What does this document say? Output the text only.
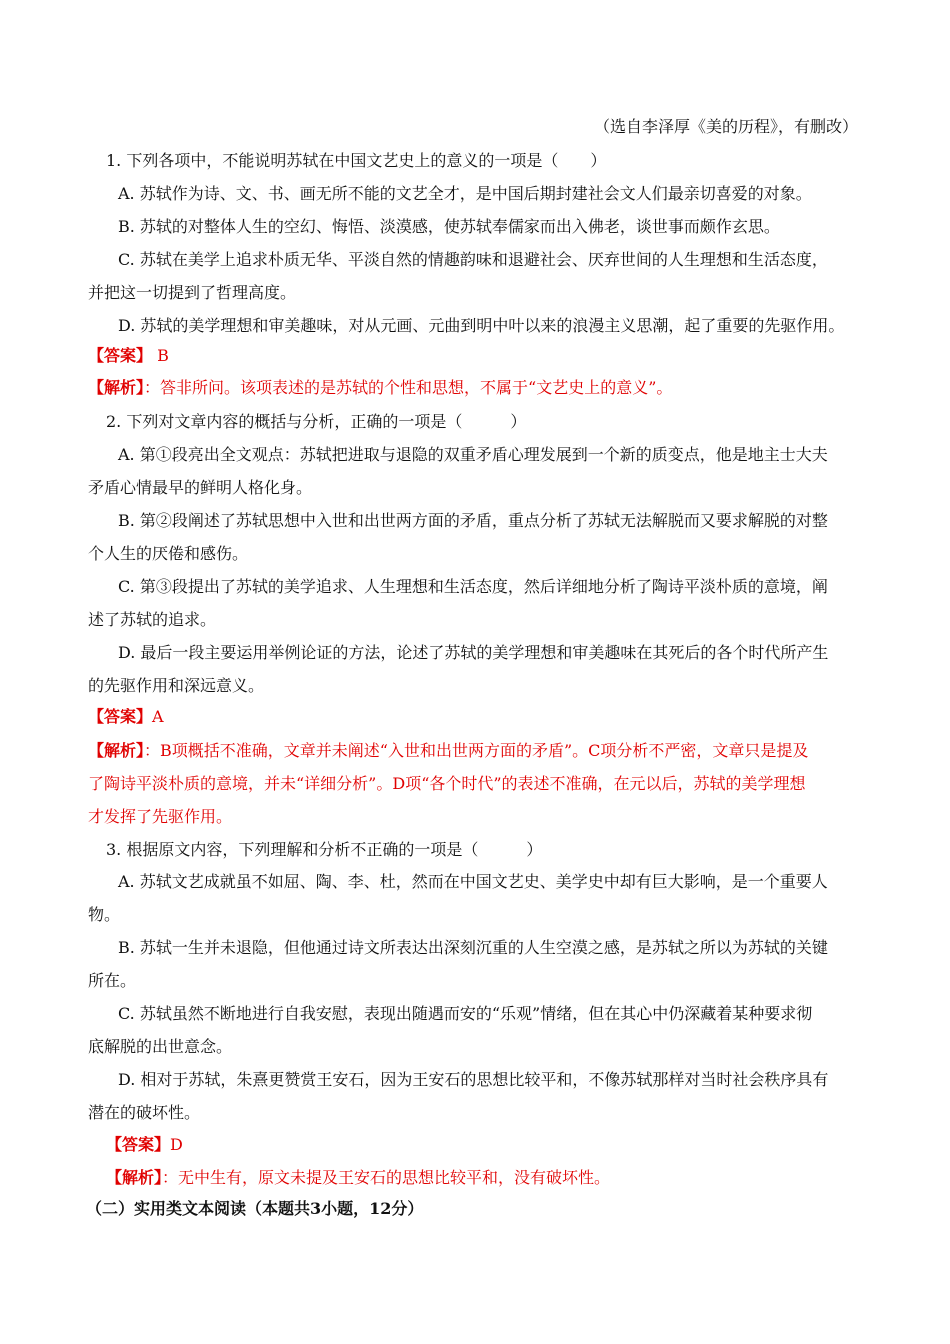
（选自李泽厚《美的历程》，有删改）
1. 下列各项中，不能说明苏轼在中国文艺史上的意义的一项是（　　）
A. 苏轼作为诗、文、书、画无所不能的文艺全才，是中国后期封建社会文人们最亲切喜爱的对象。
B. 苏轼的对整体人生的空幻、悔悟、淡漠感，使苏轼奉儒家而出入佛老，谈世事而颇作玄思。
C. 苏轼在美学上追求朴质无华、平淡自然的情趣韵味和退避社会、厌弃世间的人生理想和生活态度，
并把这一切提到了哲理高度。
D. 苏轼的美学理想和审美趣味，对从元画、元曲到明中叶以来的浪漫主义思潮，起了重要的先驱作用。
【答案】 B
【解析】：答非所问。该项表述的是苏轼的个性和思想，不属于“文艺史上的意义”。
2. 下列对文章内容的概括与分析，正确的一项是（　　　）
A. 第①段亮出全文观点：苏轼把进取与退隐的双重矛盾心理发展到一个新的质变点，他是地主士大夫
矛盾心情最早的鲜明人格化身。
B. 第②段阐述了苏轼思想中入世和出世两方面的矛盾，重点分析了苏轼无法解脱而又要求解脱的对整
个人生的厌倦和感伤。
C. 第③段提出了苏轼的美学追求、人生理想和生活态度，然后详细地分析了陶诗平淡朴质的意境，阐
述了苏轼的追求。
D. 最后一段主要运用举例论证的方法，论述了苏轼的美学理想和审美趣味在其死后的各个时代所产生
的先驱作用和深远意义。
【答案】A
【解析】：B项概括不准确，文章并未阐述“入世和出世两方面的矛盾”。C项分析不严密，文章只是提及
了陶诗平淡朴质的意境，并未“详细分析”。D项“各个时代”的表述不准确，在元以后，苏轼的美学理想
才发挥了先驱作用。
3. 根据原文内容，下列理解和分析不正确的一项是（　　　）
A. 苏轼文艺成就虽不如屈、陶、李、杜，然而在中国文艺史、美学史中却有巨大影响，是一个重要人
物。
B. 苏轼一生并未退隐，但他通过诗文所表达出深刻沉重的人生空漠之感，是苏轼之所以为苏轼的关键
所在。
C. 苏轼虽然不断地进行自我安慰，表现出随遇而安的“乐观”情绪，但在其心中仍深藏着某种要求彻
底解脱的出世意念。
D. 相对于苏轼，朱熹更赞赏王安石，因为王安石的思想比较平和，不像苏轼那样对当时社会秩序具有
潜在的破坏性。
【答案】D
【解析】：无中生有，原文未提及王安石的思想比较平和，没有破坏性。
（二）实用类文本阅读（本题共3小题，12分）
